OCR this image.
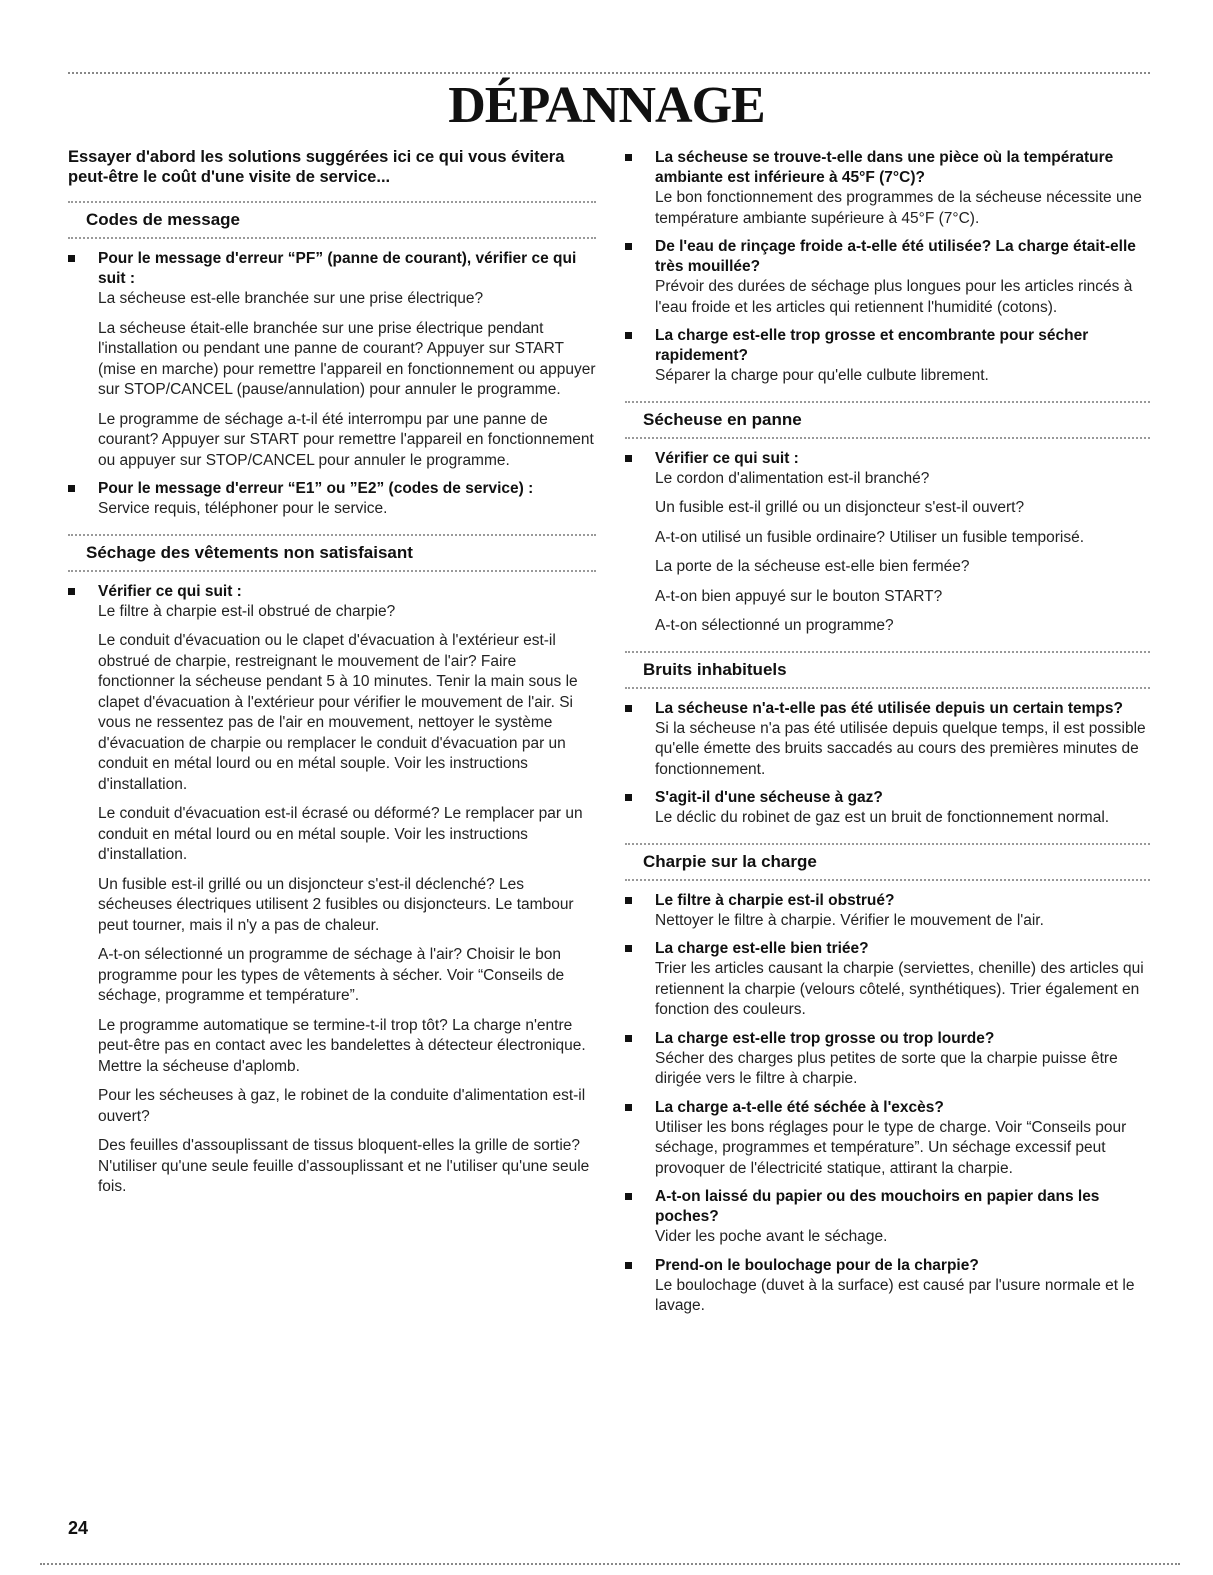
DÉPANNAGE

Essayer d'abord les solutions suggérées ici ce qui vous évitera peut-être le coût d'une visite de service...

Codes de message
Pour le message d'erreur “PF” (panne de courant), vérifier ce qui suit :

La sécheuse est-elle branchée sur une prise électrique?

La sécheuse était-elle branchée sur une prise électrique pendant l'installation ou pendant une panne de courant? Appuyer sur START (mise en marche) pour remettre l'appareil en fonctionnement ou appuyer sur STOP/CANCEL (pause/annulation) pour annuler le programme.

Le programme de séchage a-t-il été interrompu par une panne de courant? Appuyer sur START pour remettre l'appareil en fonctionnement ou appuyer sur STOP/CANCEL pour annuler le programme.

Pour le message d'erreur “E1” ou ”E2” (codes de service) :

Service requis, téléphoner pour le service.

Séchage des vêtements non satisfaisant
Vérifier ce qui suit :

Le filtre à charpie est-il obstrué de charpie?

Le conduit d'évacuation ou le clapet d'évacuation à l'extérieur est-il obstrué de charpie, restreignant le mouvement de l'air? Faire fonctionner la sécheuse pendant 5 à 10 minutes. Tenir la main sous le clapet d'évacuation à l'extérieur pour vérifier le mouvement de l'air. Si vous ne ressentez pas de l'air en mouvement, nettoyer le système d'évacuation de charpie ou remplacer le conduit d'évacuation par un conduit en métal lourd ou en métal souple. Voir les instructions d'installation.

Le conduit d'évacuation est-il écrasé ou déformé? Le remplacer par un conduit en métal lourd ou en métal souple. Voir les instructions d'installation.

Un fusible est-il grillé ou un disjoncteur s'est-il déclenché? Les sécheuses électriques utilisent 2 fusibles ou disjoncteurs. Le tambour peut tourner, mais il n'y a pas de chaleur.

A-t-on sélectionné un programme de séchage à l'air? Choisir le bon programme pour les types de vêtements à sécher. Voir “Conseils de séchage, programme et température”.

Le programme automatique se termine-t-il trop tôt? La charge n'entre peut-être pas en contact avec les bandelettes à détecteur électronique. Mettre la sécheuse d'aplomb.

Pour les sécheuses à gaz, le robinet de la conduite d'alimentation est-il ouvert?

Des feuilles d'assouplissant de tissus bloquent-elles la grille de sortie? N'utiliser qu'une seule feuille d'assouplissant et ne l'utiliser qu'une seule fois.

La sécheuse se trouve-t-elle dans une pièce où la température ambiante est inférieure à 45°F (7°C)?

Le bon fonctionnement des programmes de la sécheuse nécessite une température ambiante supérieure à 45°F (7°C).

De l'eau de rinçage froide a-t-elle été utilisée? La charge était-elle très mouillée?

Prévoir des durées de séchage plus longues pour les articles rincés à l'eau froide et les articles qui retiennent l'humidité (cotons).

La charge est-elle trop grosse et encombrante pour sécher rapidement?

Séparer la charge pour qu'elle culbute librement.

Sécheuse en panne
Vérifier ce qui suit :

Le cordon d'alimentation est-il branché?

Un fusible est-il grillé ou un disjoncteur s'est-il ouvert?

A-t-on utilisé un fusible ordinaire? Utiliser un fusible temporisé.

La porte de la sécheuse est-elle bien fermée?

A-t-on bien appuyé sur le bouton START?

A-t-on sélectionné un programme?

Bruits inhabituels
La sécheuse n'a-t-elle pas été utilisée depuis un certain temps?

Si la sécheuse n'a pas été utilisée depuis quelque temps, il est possible qu'elle émette des bruits saccadés au cours des premières minutes de fonctionnement.

S'agit-il d'une sécheuse à gaz?

Le déclic du robinet de gaz est un bruit de fonctionnement normal.

Charpie sur la charge
Le filtre à charpie est-il obstrué?

Nettoyer le filtre à charpie. Vérifier le mouvement de l'air.

La charge est-elle bien triée?

Trier les articles causant la charpie (serviettes, chenille) des articles qui retiennent la charpie (velours côtelé, synthétiques). Trier également en fonction des couleurs.

La charge est-elle trop grosse ou trop lourde?

Sécher des charges plus petites de sorte que la charpie puisse être dirigée vers le filtre à charpie.

La charge a-t-elle été séchée à l'excès?

Utiliser les bons réglages pour le type de charge. Voir “Conseils pour séchage, programmes et température”. Un séchage excessif peut provoquer de l'électricité statique, attirant la charpie.

A-t-on laissé du papier ou des mouchoirs en papier dans les poches?

Vider les poche avant le séchage.

Prend-on le boulochage pour de la charpie?

Le boulochage (duvet à la surface) est causé par l'usure normale et le lavage.

24
